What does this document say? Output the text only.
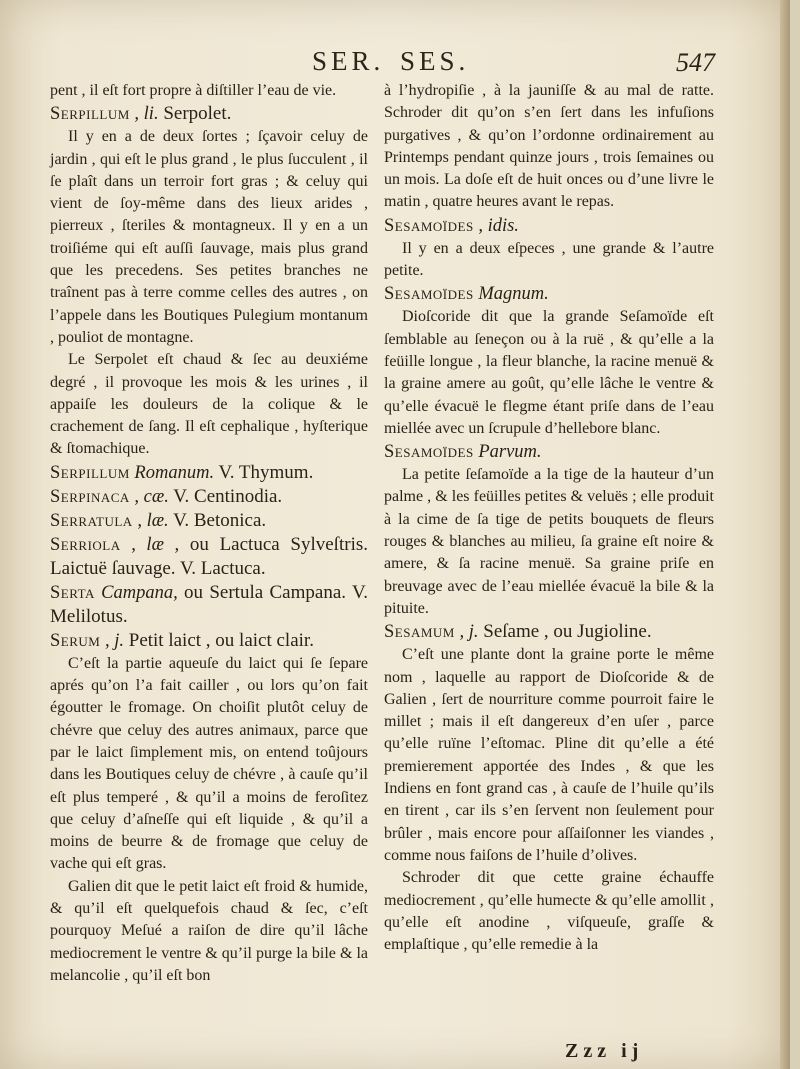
SER. SES.	547

pent , il eſt fort propre à diſtiller l’eau de vie.

Serpillum , li. Serpolet.

Il y en a de deux ſortes ; ſçavoir celuy de jardin , qui eſt le plus grand , le plus ſucculent , il ſe plaît dans un terroir fort gras ; & celuy qui vient de ſoy-même dans des lieux arides , pierreux , ſteriles & montagneux. Il y en a un troiſiéme qui eſt auſſi ſauvage, mais plus grand que les precedens. Ses petites branches ne traînent pas à terre comme celles des autres , on l’appele dans les Boutiques Pulegium montanum , pouliot de montagne.

Le Serpolet eſt chaud & ſec au deuxiéme degré , il provoque les mois & les urines , il appaiſe les douleurs de la colique & le crachement de ſang. Il eſt cephalique , hyſterique & ſtomachique.

Serpillum Romanum. V. Thymum.
Serpinaca , cæ. V. Centinodia.
Serratula , læ. V. Betonica.
Serriola , læ , ou Lactuca Sylveſtris. Laictuë ſauvage. V. Lactuca.
Serta Campana, ou Sertula Campana. V. Melilotus.
Serum , j. Petit laict , ou laict clair.

C’eſt la partie aqueuſe du laict qui ſe ſepare aprés qu’on l’a fait cailler , ou lors qu’on fait égoutter le fromage. On choiſit plutôt celuy de chévre que celuy des autres animaux, parce que par le laict ſimplement mis, on entend toûjours dans les Boutiques celuy de chévre , à cauſe qu’il eſt plus temperé , & qu’il a moins de feroſitez que celuy d’aſneſſe qui eſt liquide , & qu’il a moins de beurre & de fromage que celuy de vache qui eſt gras.

Galien dit que le petit laict eſt froid & humide, & qu’il eſt quelquefois chaud & ſec, c’eſt pourquoy Meſué a raiſon de dire qu’il lâche mediocrement le ventre & qu’il purge la bile & la melancolie , qu’il eſt bon

à l’hydropiſie , à la jauniſſe & au mal de ratte. Schroder dit qu’on s’en ſert dans les infuſions purgatives , & qu’on l’ordonne ordinairement au Printemps pendant quinze jours , trois ſemaines ou un mois. La doſe eſt de huit onces ou d’une livre le matin , quatre heures avant le repas.

Sesamoïdes , idis.

Il y en a deux eſpeces , une grande & l’autre petite.

Sesamoïdes Magnum.

Dioſcoride dit que la grande Seſamoïde eſt ſemblable au ſeneçon ou à la ruë , & qu’elle a la feüille longue , la fleur blanche, la racine menuë & la graine amere au goût, qu’elle lâche le ventre & qu’elle évacuë le flegme étant priſe dans de l’eau miellée avec un ſcrupule d’hellebore blanc.

Sesamoïdes Parvum.

La petite ſeſamoïde a la tige de la hauteur d’un palme , & les feüilles petites & veluës ; elle produit à la cime de ſa tige de petits bouquets de fleurs rouges & blanches au milieu, ſa graine eſt noire & amere, & ſa racine menuë. Sa graine priſe en breuvage avec de l’eau miellée évacuë la bile & la pituite.

Sesamum , j. Seſame , ou Jugioline.

C’eſt une plante dont la graine porte le même nom , laquelle au rapport de Dioſcoride & de Galien , ſert de nourriture comme pourroit faire le millet ; mais il eſt dangereux d’en uſer , parce qu’elle ruïne l’eſtomac. Pline dit qu’elle a été premierement apportée des Indes , & que les Indiens en font grand cas , à cauſe de l’huile qu’ils en tirent , car ils s’en ſervent non ſeulement pour brûler , mais encore pour aſſaiſonner les viandes , comme nous faiſons de l’huile d’olives.

Schroder dit que cette graine échauffe mediocrement , qu’elle humecte & qu’elle amollit , qu’elle eſt anodine , viſqueuſe, graſſe & emplaſtique , qu’elle remedie à la

Zzz ij
